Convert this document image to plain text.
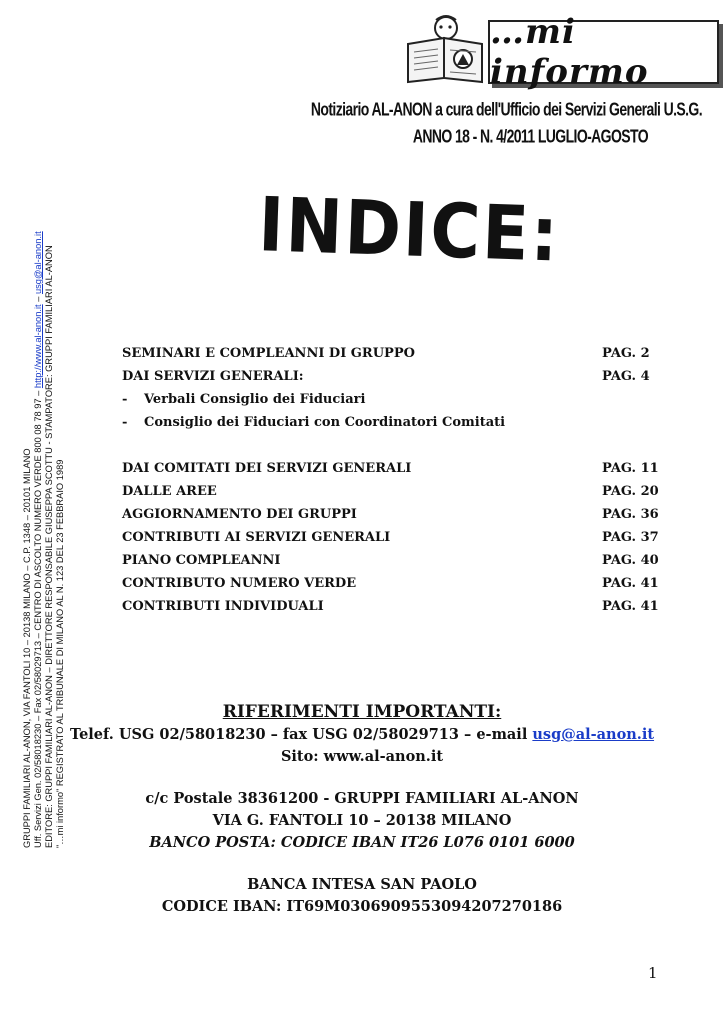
…mi informo
Notiziario AL-ANON a cura dell'Ufficio dei Servizi Generali U.S.G.
ANNO 18 - N. 4/2011 LUGLIO-AGOSTO
GRUPPI FAMILIARI AL-ANON, VIA FANTOLI 10 – 20138 MILANO – C.P. 1348 – 20101 MILANO Uff. Servizi Gen. 02/58018230 – Fax 02/58029713 – CENTRO DI ASCOLTO NUMERO VERDE 800 08 78 97 – http://www.al-anon.it – usg@al-anon.it EDITORE: GRUPPI FAMILIARI AL-ANON – DIRETTORE RESPONSABILE GIUSEPPA SCOTTU - STAMPATORE: GRUPPI FAMILIARI AL-ANON "…mi informo" REGISTRATO AL TRIBUNALE DI MILANO AL N. 123 DEL 23 FEBBRAIO 1989
INDICE:
SEMINARI E COMPLEANNI DI GRUPPO	PAG. 2
DAI SERVIZI GENERALI:	PAG. 4
-	Verbali Consiglio dei Fiduciari
-	Consiglio dei Fiduciari con Coordinatori Comitati
DAI COMITATI DEI SERVIZI GENERALI	PAG. 11
DALLE AREE	PAG. 20
AGGIORNAMENTO DEI GRUPPI	PAG. 36
CONTRIBUTI AI SERVIZI GENERALI	PAG. 37
PIANO COMPLEANNI	PAG. 40
CONTRIBUTO NUMERO VERDE	PAG. 41
CONTRIBUTI INDIVIDUALI	PAG. 41
RIFERIMENTI IMPORTANTI:
Telef. USG 02/58018230 – fax USG 02/58029713 – e-mail usg@al-anon.it
Sito: www.al-anon.it
c/c Postale 38361200 - GRUPPI FAMILIARI AL-ANON
VIA G. FANTOLI 10 – 20138 MILANO
BANCO POSTA: CODICE IBAN IT26 L076 0101 6000
BANCA INTESA SAN PAOLO
CODICE IBAN: IT69M0306909553094207270186
1
